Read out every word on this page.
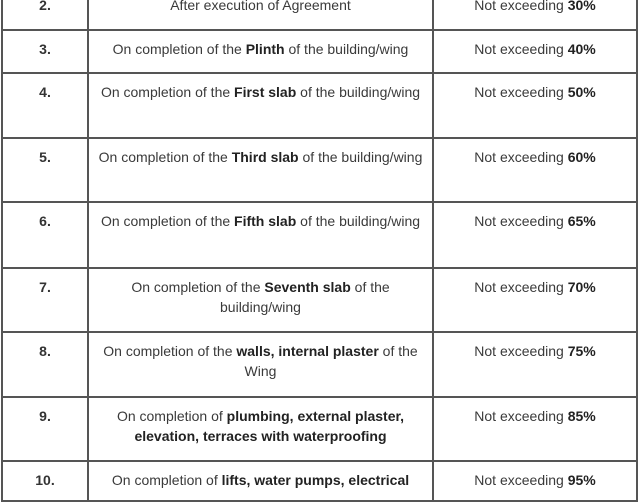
2.	After execution of Agreement	Not exceeding 30%
3.	On completion of the Plinth of the building/wing	Not exceeding 40%
4.	On completion of the First slab of the building/wing	Not exceeding 50%
5.	On completion of the Third slab of the building/wing	Not exceeding 60%
6.	On completion of the Fifth slab of the building/wing	Not exceeding 65%
7.	On completion of the Seventh slab of the building/wing	Not exceeding 70%
8.	On completion of the walls, internal plaster of the Wing	Not exceeding 75%
9.	On completion of plumbing, external plaster, elevation, terraces with waterproofing	Not exceeding 85%
10.	On completion of lifts, water pumps, electrical	Not exceeding 95%
